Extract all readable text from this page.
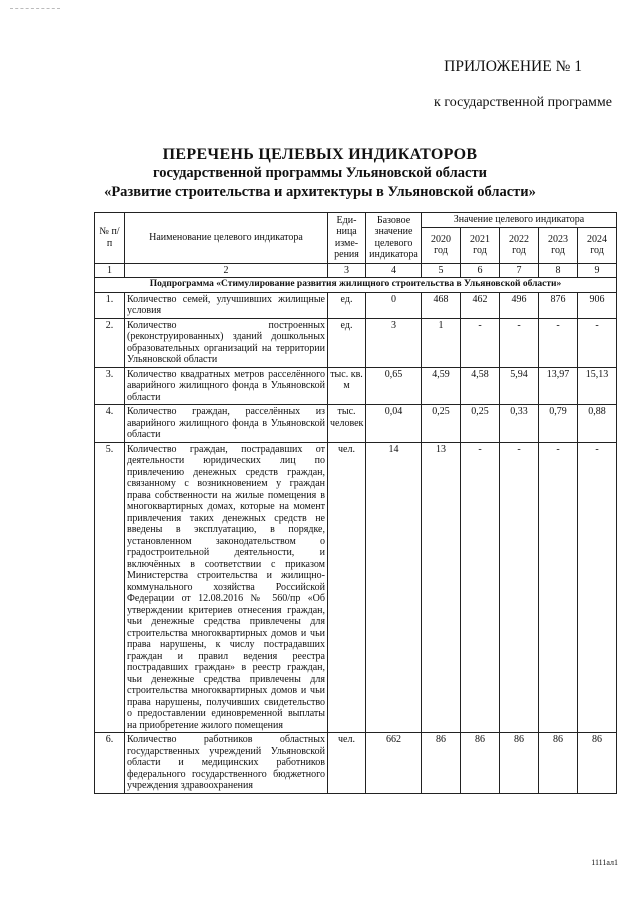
ПРИЛОЖЕНИЕ № 1
к государственной программе
ПЕРЕЧЕНЬ ЦЕЛЕВЫХ ИНДИКАТОРОВ
государственной программы Ульяновской области
«Развитие строительства и архитектуры в Ульяновской области»
№ п/п	Наименование целевого индикатора	Еди-ница изме-рения	Базовое значение целевого индикатора	Значение целевого индикатора				
				2020 год	2021 год	2022 год	2023 год	2024 год
1	2	3	4	5	6	7	8	9
Подпрограмма «Стимулирование развития жилищного строительства в Ульяновской области»								
1.	Количество семей, улучшивших жилищные условия	ед.	0	468	462	496	876	906
2.	Количество построенных (реконструированных) зданий дошкольных образовательных организаций на территории Ульяновской области	ед.	3	1	-	-	-	-
3.	Количество квадратных метров расселённого аварийного жилищного фонда в Ульяновской области	тыс. кв. м	0,65	4,59	4,58	5,94	13,97	15,13
4.	Количество граждан, расселённых из аварийного жилищного фонда в Ульяновской области	тыс. человек	0,04	0,25	0,25	0,33	0,79	0,88
5.	Количество граждан, пострадавших от деятельности юридических лиц по привлечению денежных средств граждан, связанному с возникновением у граждан права собственности на жилые помещения в многоквартирных домах, которые на момент привлечения таких денежных средств не введены в эксплуатацию, в порядке, установленном законодательством о градостроительной деятельности, и включённых в соответствии с приказом Министерства строительства и жилищно-коммунального хозяйства Российской Федерации от 12.08.2016 № 560/пр «Об утверждении критериев отнесения граждан, чьи денежные средства привлечены для строительства многоквартирных домов и чьи права нарушены, к числу пострадавших граждан и правил ведения реестра пострадавших граждан» в реестр граждан, чьи денежные средства привлечены для строительства многоквартирных домов и чьи права нарушены, получивших свидетельство о предоставлении единовременной выплаты на приобретение жилого помещения	чел.	14	13	-	-	-	-
6.	Количество работников областных государственных учреждений Ульяновской области и медицинских работников федерального государственного бюджетного учреждения здравоохранения	чел.	662	86	86	86	86	86
1111ал1
